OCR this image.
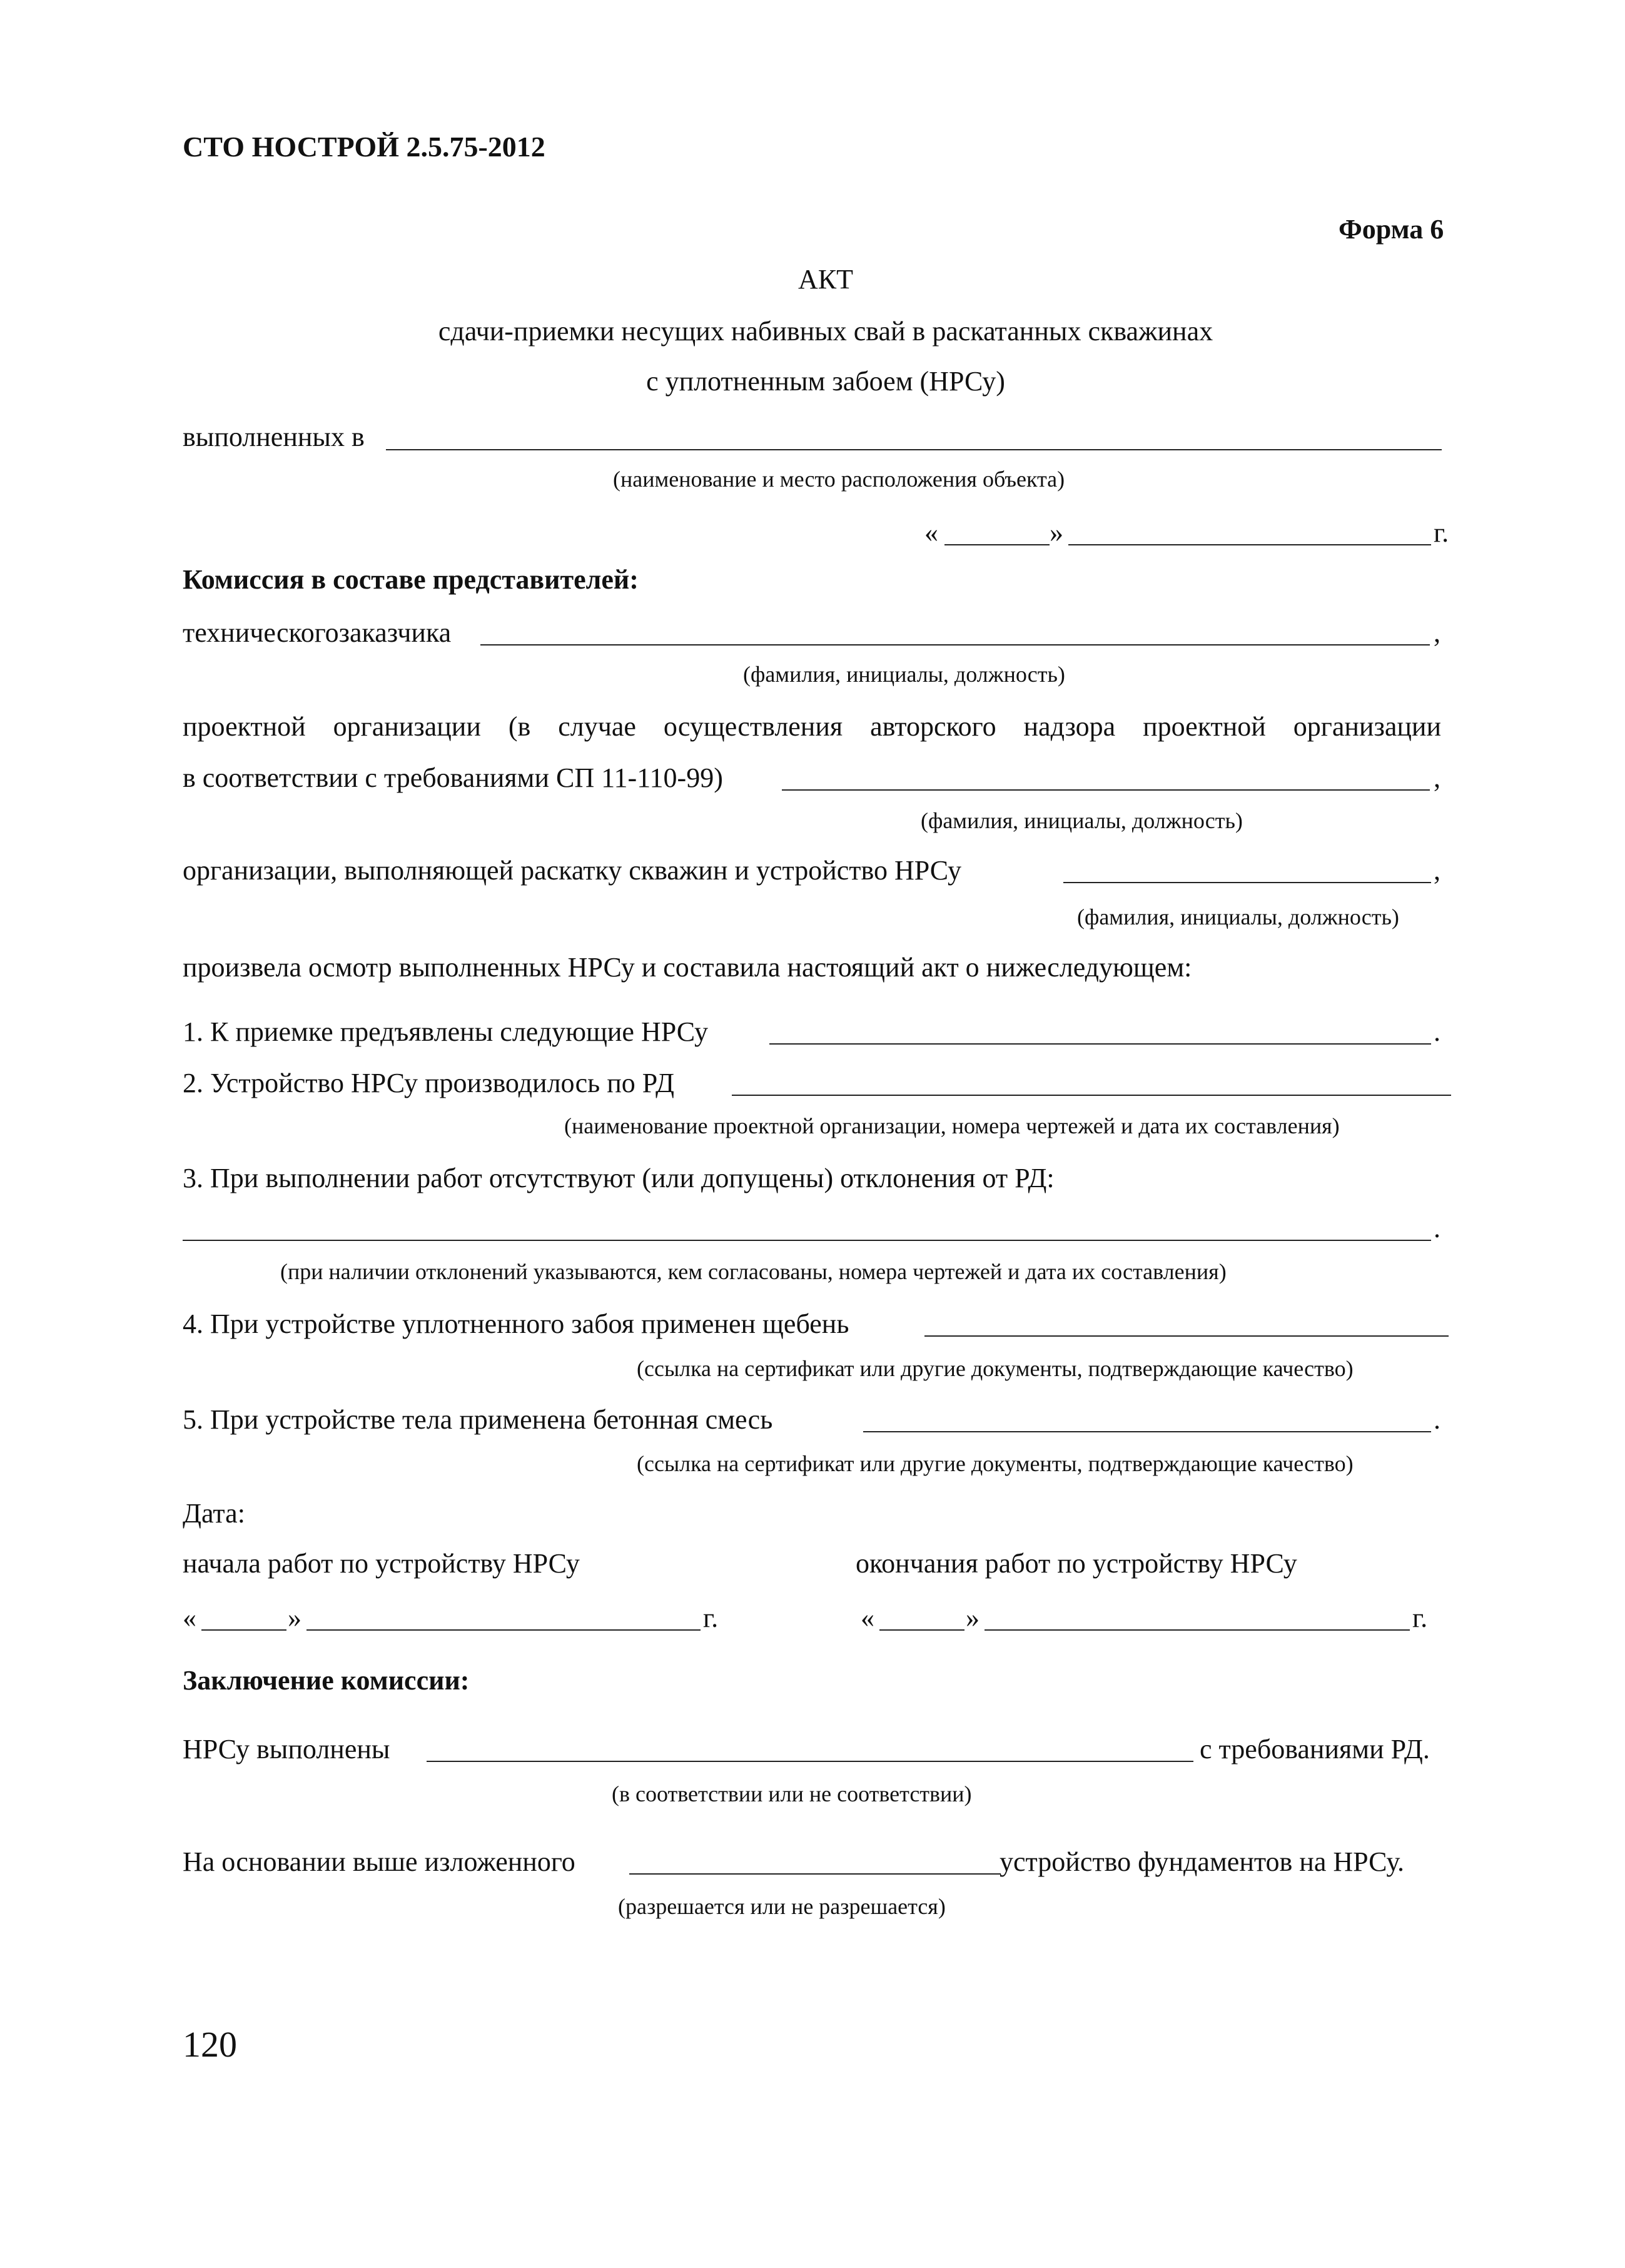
СТО НОСТРОЙ 2.5.75-2012
Форма 6
АКТ
сдачи-приемки несущих набивных свай в раскатанных скважинах
с уплотненным забоем (НРСу)
выполненных в
(наименование и место расположения объекта)
«	»	г.
Комиссия в составе представителей:
техническогозаказчика	,
(фамилия, инициалы, должность)
проектной организации (в случае осуществления авторского надзора проектной организации
в соответствии с требованиями СП 11-110-99)	,
(фамилия, инициалы, должность)
организации, выполняющей раскатку скважин и устройство НРСу	,
(фамилия, инициалы, должность)
произвела осмотр выполненных НРСу и составила настоящий акт о нижеследующем:
1. К приемке предъявлены следующие НРСу	.
2. Устройство НРСу производилось по РД
(наименование проектной организации, номера чертежей и дата их составления)
3. При выполнении работ отсутствуют (или допущены) отклонения от РД:
.
(при наличии отклонений указываются, кем согласованы, номера чертежей и дата их составления)
4. При устройстве уплотненного забоя применен щебень
(ссылка на сертификат или другие документы, подтверждающие качество)
5. При устройстве тела применена бетонная смесь	.
(ссылка на сертификат или другие документы, подтверждающие качество)
Дата:
начала работ по устройству НРСу	окончания работ по устройству НРСу
«	»	г.	«	»	г.
Заключение комиссии:
НРСу выполнены	с требованиями РД.
(в соответствии или не соответствии)
На основании выше изложенного	устройство фундаментов на НРСу.
(разрешается или не разрешается)
120
